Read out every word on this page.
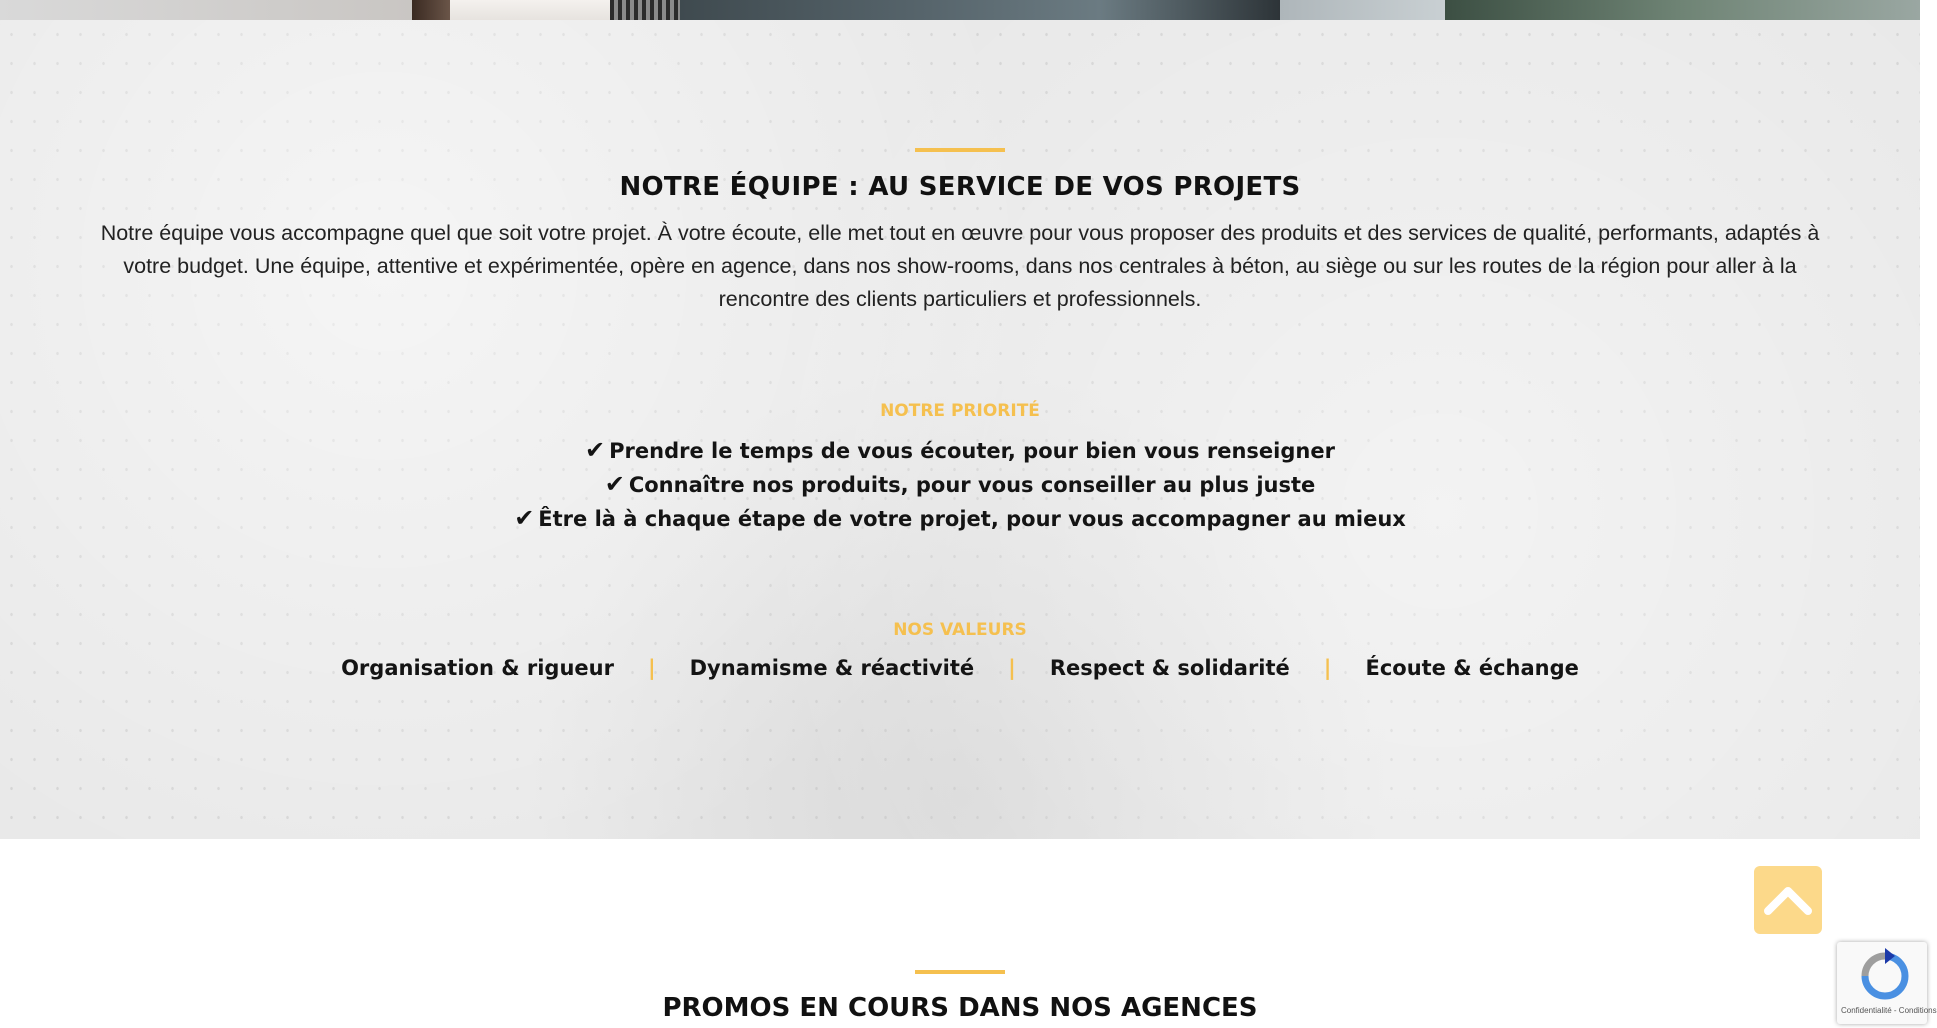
NOTRE ÉQUIPE : AU SERVICE DE VOS PROJETS

Notre équipe vous accompagne quel que soit votre projet. À votre écoute, elle met tout en œuvre pour vous proposer des produits et des services de qualité, performants, adaptés à votre budget. Une équipe, attentive et expérimentée, opère en agence, dans nos show-rooms, dans nos centrales à béton, au siège ou sur les routes de la région pour aller à la rencontre des clients particuliers et professionnels.

NOTRE PRIORITÉ
✔ Prendre le temps de vous écouter, pour bien vous renseigner
✔ Connaître nos produits, pour vous conseiller au plus juste
✔ Être là à chaque étape de votre projet, pour vous accompagner au mieux
NOS VALEURS
Organisation & rigueur | Dynamisme & réactivité | Respect & solidarité | Écoute & échange
PROMOS EN COURS DANS NOS AGENCES	Confidentialité - Conditions
